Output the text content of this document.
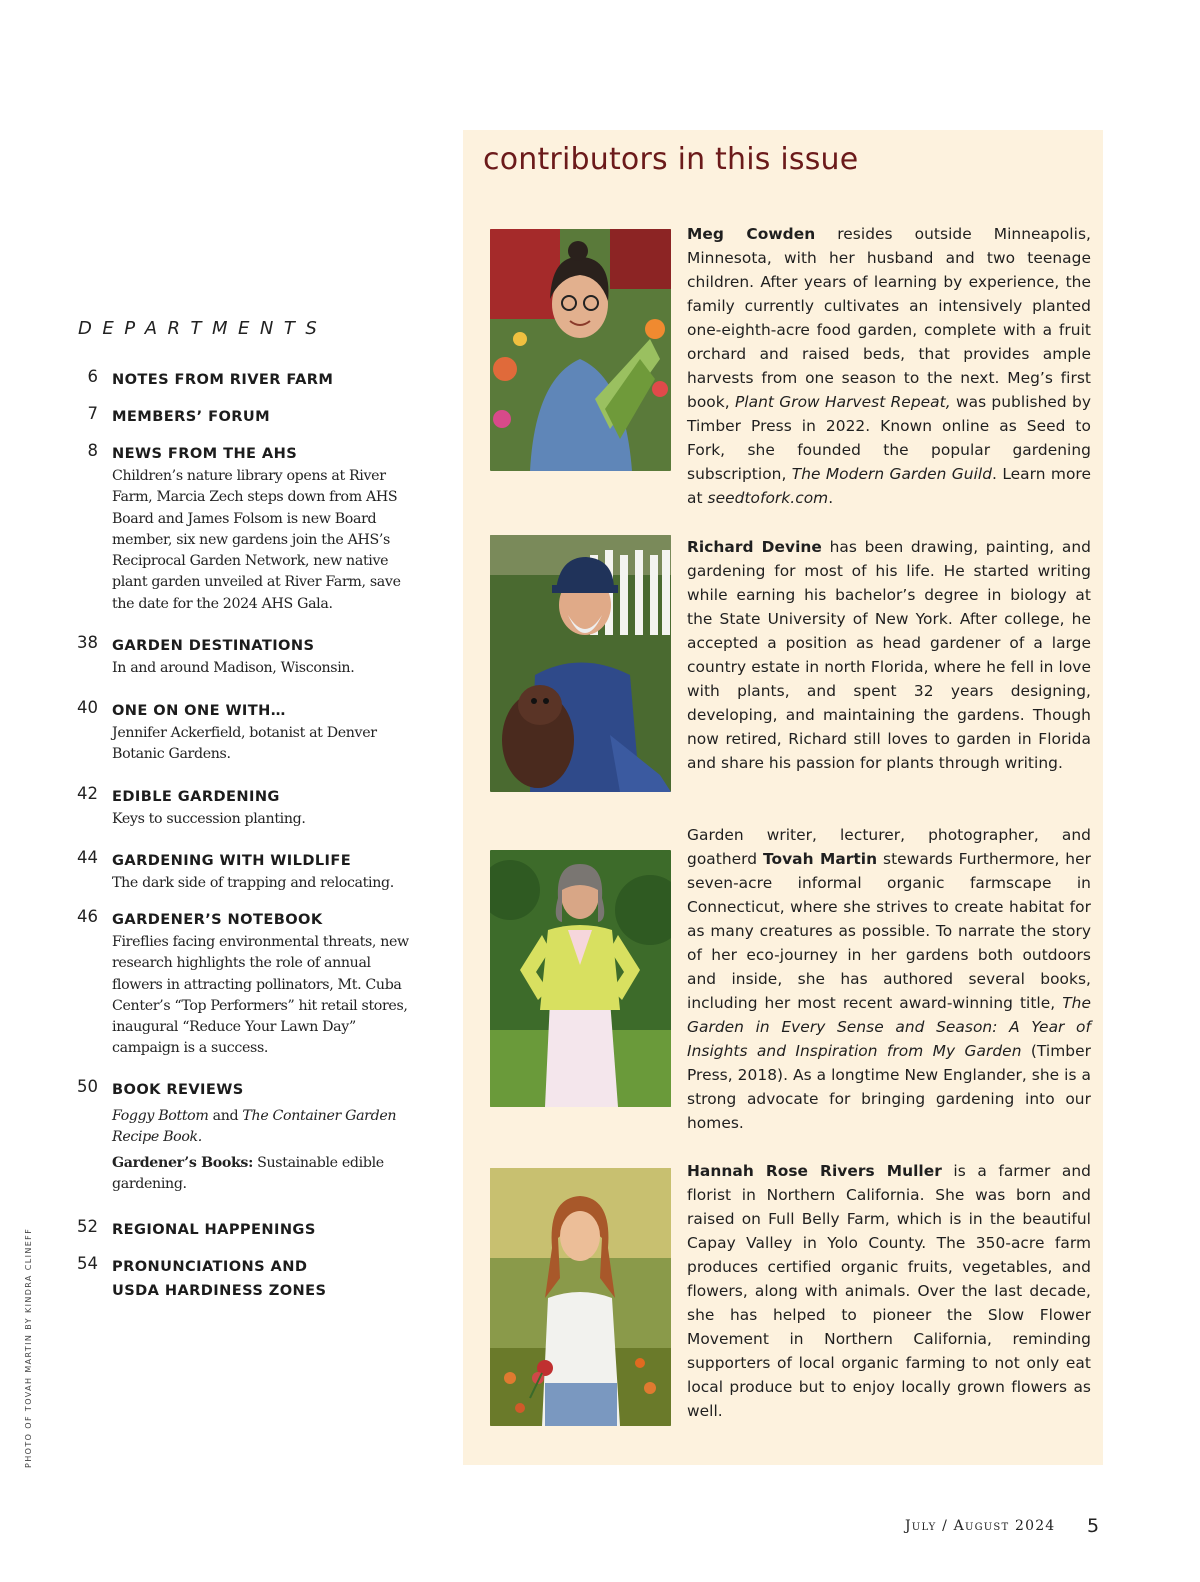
DEPARTMENTS
6 NOTES FROM RIVER FARM
7 MEMBERS’ FORUM
8 NEWS FROM THE AHS

Children’s nature library opens at River Farm, Marcia Zech steps down from AHS Board and James Folsom is new Board member, six new gardens join the AHS’s Reciprocal Garden Network, new native plant garden unveiled at River Farm, save the date for the 2024 AHS Gala.

38 GARDEN DESTINATIONS

In and around Madison, Wisconsin.

40 ONE ON ONE WITH…

Jennifer Ackerfield, botanist at Denver Botanic Gardens.

42 EDIBLE GARDENING

Keys to succession planting.

44 GARDENING WITH WILDLIFE

The dark side of trapping and relocating.

46 GARDENER’S NOTEBOOK

Fireflies facing environmental threats, new research highlights the role of annual flowers in attracting pollinators, Mt. Cuba Center’s “Top Performers” hit retail stores, inaugural “Reduce Your Lawn Day” campaign is a success.

50 BOOK REVIEWS

Foggy Bottom and The Container Garden Recipe Book.

Gardener’s Books: Sustainable edible gardening.

52 REGIONAL HAPPENINGS
54 PRONUNCIATIONS AND
USDA HARDINESS ZONES
PHOTO OF TOVAH MARTIN BY KINDRA CLINEFF
contributors in this issue

Meg Cowden resides outside Minneapolis, Minnesota, with her husband and two teenage children. After years of learning by experience, the family currently cultivates an intensively planted one-eighth-acre food garden, complete with a fruit orchard and raised beds, that provides ample harvests from one season to the next. Meg’s first book, Plant Grow Harvest Repeat, was published by Timber Press in 2022. Known online as Seed to Fork, she founded the popular gardening subscription, The Modern Garden Guild. Learn more at seedtofork.com.

Richard Devine has been drawing, painting, and gardening for most of his life. He started writing while earning his bachelor’s degree in biology at the State University of New York. After college, he accepted a position as head gardener of a large country estate in north Florida, where he fell in love with plants, and spent 32 years designing, developing, and maintaining the gardens. Though now retired, Richard still loves to garden in Florida and share his passion for plants through writing.

Garden writer, lecturer, photographer, and goatherd Tovah Martin stewards Furthermore, her seven-acre informal organic farmscape in Connecticut, where she strives to create habitat for as many creatures as possible. To narrate the story of her eco-journey in her gardens both outdoors and inside, she has authored several books, including her most recent award-winning title, The Garden in Every Sense and Season: A Year of Insights and Inspiration from My Garden (Timber Press, 2018). As a longtime New Englander, she is a strong advocate for bringing gardening into our homes.

Hannah Rose Rivers Muller is a farmer and florist in Northern California. She was born and raised on Full Belly Farm, which is in the beautiful Capay Valley in Yolo County. The 350-acre farm produces certified organic fruits, vegetables, and flowers, along with animals. Over the last decade, she has helped to pioneer the Slow Flower Movement in Northern California, reminding supporters of local organic farming to not only eat local produce but to enjoy locally grown flowers as well.

July / August 2024	5
